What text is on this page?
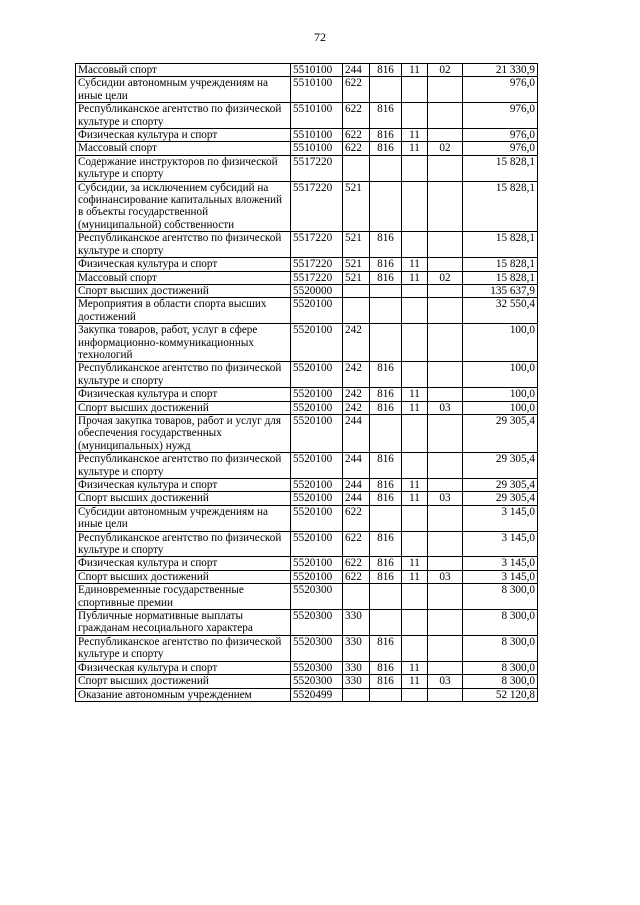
72
Массовый спорт	5510100	244	816	11	02	21 330,9
Субсидии автономным учреждениям на иные цели	5510100	622				976,0
Республиканское агентство по физической культуре и спорту	5510100	622	816			976,0
Физическая культура и спорт	5510100	622	816	11		976,0
Массовый спорт	5510100	622	816	11	02	976,0
Содержание инструкторов по физической культуре и спорту	5517220					15 828,1
Субсидии, за исключением субсидий на софинансирование капитальных вложений в объекты государственной (муниципальной) собственности	5517220	521				15 828,1
Республиканское агентство по физической культуре и спорту	5517220	521	816			15 828,1
Физическая культура и спорт	5517220	521	816	11		15 828,1
Массовый спорт	5517220	521	816	11	02	15 828,1
Спорт высших достижений	5520000					135 637,9
Мероприятия в области спорта высших достижений	5520100					32 550,4
Закупка товаров, работ, услуг в сфере информационно-коммуникационных технологий	5520100	242				100,0
Республиканское агентство по физической культуре и спорту	5520100	242	816			100,0
Физическая культура и спорт	5520100	242	816	11		100,0
Спорт высших достижений	5520100	242	816	11	03	100,0
Прочая закупка товаров, работ и услуг для обеспечения государственных (муниципальных) нужд	5520100	244				29 305,4
Республиканское агентство по физической культуре и спорту	5520100	244	816			29 305,4
Физическая культура и спорт	5520100	244	816	11		29 305,4
Спорт высших достижений	5520100	244	816	11	03	29 305,4
Субсидии автономным учреждениям на иные цели	5520100	622				3 145,0
Республиканское агентство по физической культуре и спорту	5520100	622	816			3 145,0
Физическая культура и спорт	5520100	622	816	11		3 145,0
Спорт высших достижений	5520100	622	816	11	03	3 145,0
Единовременные государственные спортивные премии	5520300					8 300,0
Публичные нормативные выплаты гражданам несоциального характера	5520300	330				8 300,0
Республиканское агентство по физической культуре и спорту	5520300	330	816			8 300,0
Физическая культура и спорт	5520300	330	816	11		8 300,0
Спорт высших достижений	5520300	330	816	11	03	8 300,0
Оказание автономным учреждением	5520499					52 120,8
